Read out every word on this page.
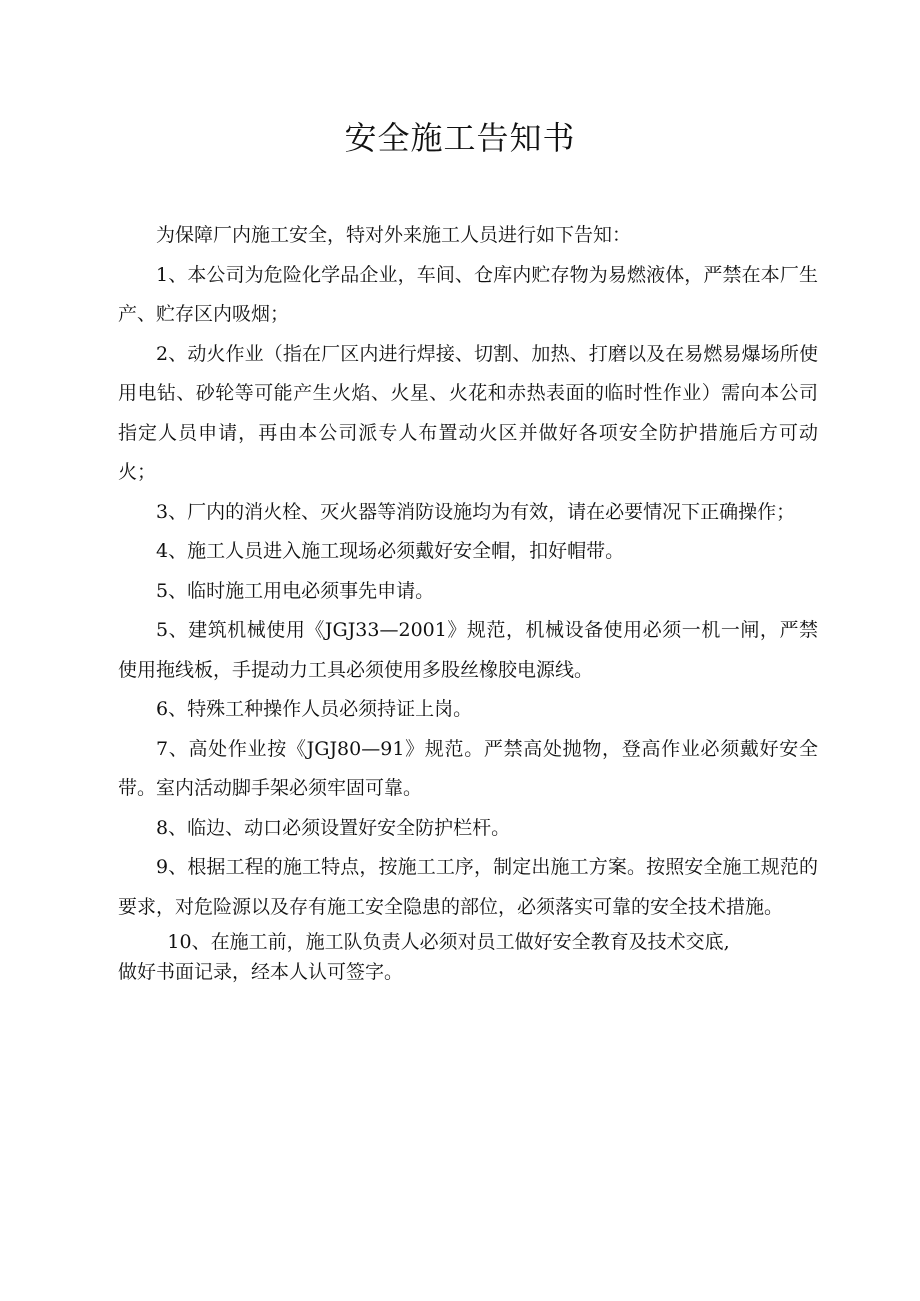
安全施工告知书

为保障厂内施工安全，特对外来施工人员进行如下告知：

1、本公司为危险化学品企业，车间、仓库内贮存物为易燃液体，严禁在本厂生产、贮存区内吸烟；

2、动火作业（指在厂区内进行焊接、切割、加热、打磨以及在易燃易爆场所使用电钻、砂轮等可能产生火焰、火星、火花和赤热表面的临时性作业）需向本公司指定人员申请，再由本公司派专人布置动火区并做好各项安全防护措施后方可动火；

3、厂内的消火栓、灭火器等消防设施均为有效，请在必要情况下正确操作；

4、施工人员进入施工现场必须戴好安全帽，扣好帽带。

5、临时施工用电必须事先申请。

5、建筑机械使用《JGJ33—2001》规范，机械设备使用必须一机一闸，严禁使用拖线板，手提动力工具必须使用多股丝橡胶电源线。

6、特殊工种操作人员必须持证上岗。

7、高处作业按《JGJ80—91》规范。严禁高处抛物，登高作业必须戴好安全带。室内活动脚手架必须牢固可靠。

8、临边、动口必须设置好安全防护栏杆。

9、根据工程的施工特点，按施工工序，制定出施工方案。按照安全施工规范的要求，对危险源以及存有施工安全隐患的部位，必须落实可靠的安全技术措施。

10、在施工前，施工队负责人必须对员工做好安全教育及技术交底,
做好书面记录，经本人认可签字。
